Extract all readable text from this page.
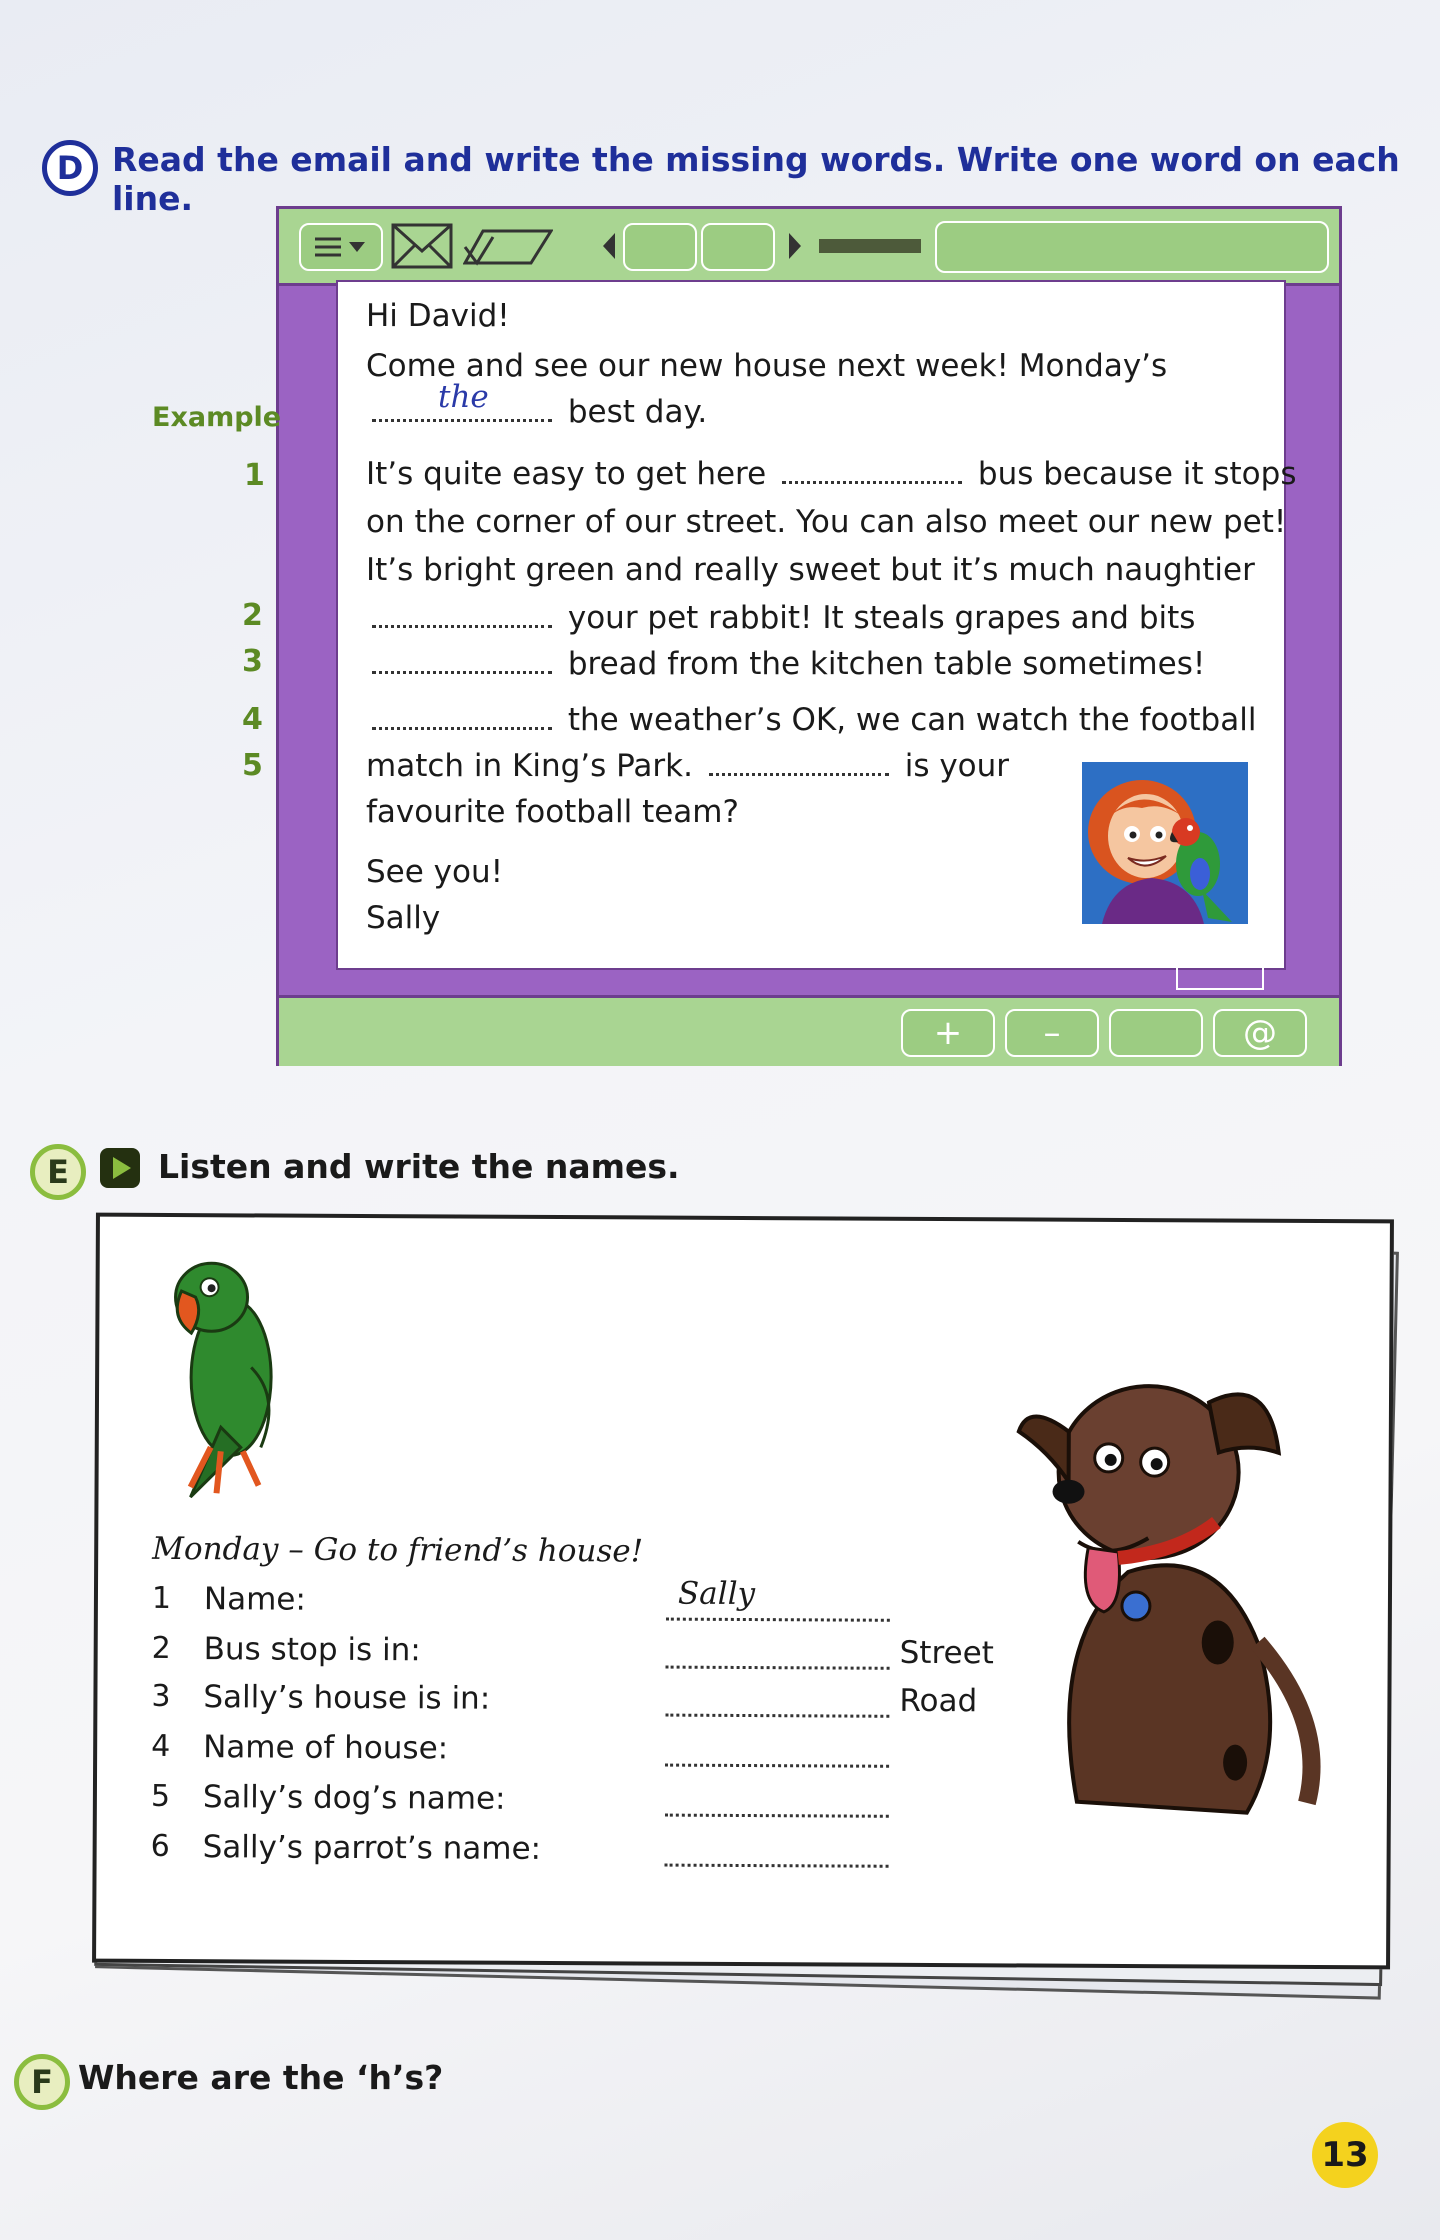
D Read the email and write the missing words. Write one word on each line.
Hi David!
Come and see our new house next week! Monday’s
the	best day.
It’s quite easy to get here	bus because it stops
on the corner of our street. You can also meet our new pet!
It’s bright green and really sweet but it’s much naughtier
your pet rabbit! It steals grapes and bits
bread from the kitchen table sometimes!
the weather’s OK, we can watch the football
match in King’s Park.	is your
favourite football team?
See you!
Sally
+	–	@
Example
1
2
3
4
5
E	Listen and write the names.
Monday – Go to friend’s house!
1 Name:	Sally
2 Bus stop is in:	Street
3 Sally’s house is in:	Road
4 Name of house:
5 Sally’s dog’s name:
6 Sally’s parrot’s name:
F Where are the ‘h’s?
13
